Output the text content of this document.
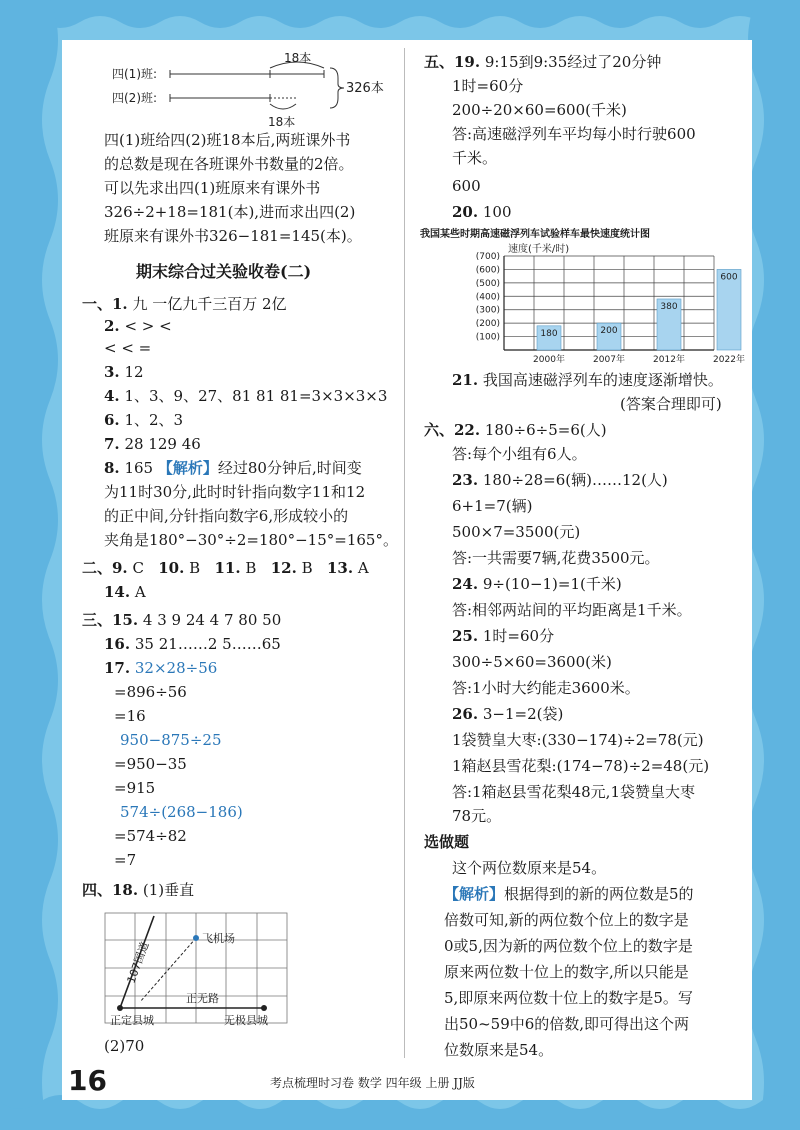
四(1)班:
四(2)班:
18本
18本
326本
四(1)班给四(2)班18本后,两班课外书
的总数是现在各班课外书数量的2倍。
可以先求出四(1)班原来有课外书
326÷2+18=181(本),进而求出四(2)
班原来有课外书326−181=145(本)。
期末综合过关验收卷(二)
一、1. 九 一亿九千三百万 2亿
2. < > <
< < =
3. 12
4. 1、3、9、27、81 81 81=3×3×3×3
6. 1、2、3
7. 28 129 46
8. 165 【解析】经过80分钟后,时间变
为11时30分,此时时针指向数字11和12
的正中间,分针指向数字6,形成较小的
夹角是180°−30°÷2=180°−15°=165°。
二、9. C 10. B 11. B 12. B 13. A
14. A
三、15. 4 3 9 24 4 7 80 50
16. 35 21……2 5……65
17. 32×28÷56
=896÷56
=16
950−875÷25
=950−35
=915
574÷(268−186)
=574÷82
=7
四、18. (1)垂直
飞机场
107国道
正无路
正定县城	无极县城
(2)70
16	考点梳理时习卷 数学 四年级 上册 JJ版
五、19. 9:15到9:35经过了20分钟
1时=60分
200÷20×60=600(千米)
答:高速磁浮列车平均每小时行驶600
千米。
600
20. 100
我国某些时期高速磁浮列车试验样车最快速度统计图
速度(千米/时)
(100)
(200)
(300)
(400)
(500)
(600)
(700)
180
2000年
200
2007年
380
2012年
600
2022年
21. 我国高速磁浮列车的速度逐渐增快。
(答案合理即可)
六、22. 180÷6÷5=6(人)
答:每个小组有6人。
23. 180÷28=6(辆)……12(人)
6+1=7(辆)
500×7=3500(元)
答:一共需要7辆,花费3500元。
24. 9÷(10−1)=1(千米)
答:相邻两站间的平均距离是1千米。
25. 1时=60分
300÷5×60=3600(米)
答:1小时大约能走3600米。
26. 3−1=2(袋)
1袋赞皇大枣:(330−174)÷2=78(元)
1箱赵县雪花梨:(174−78)÷2=48(元)
答:1箱赵县雪花梨48元,1袋赞皇大枣
78元。
选做题
这个两位数原来是54。
【解析】根据得到的新的两位数是5的
倍数可知,新的两位数个位上的数字是
0或5,因为新的两位数个位上的数字是
原来两位数十位上的数字,所以只能是
5,即原来两位数十位上的数字是5。写
出50~59中6的倍数,即可得出这个两
位数原来是54。
